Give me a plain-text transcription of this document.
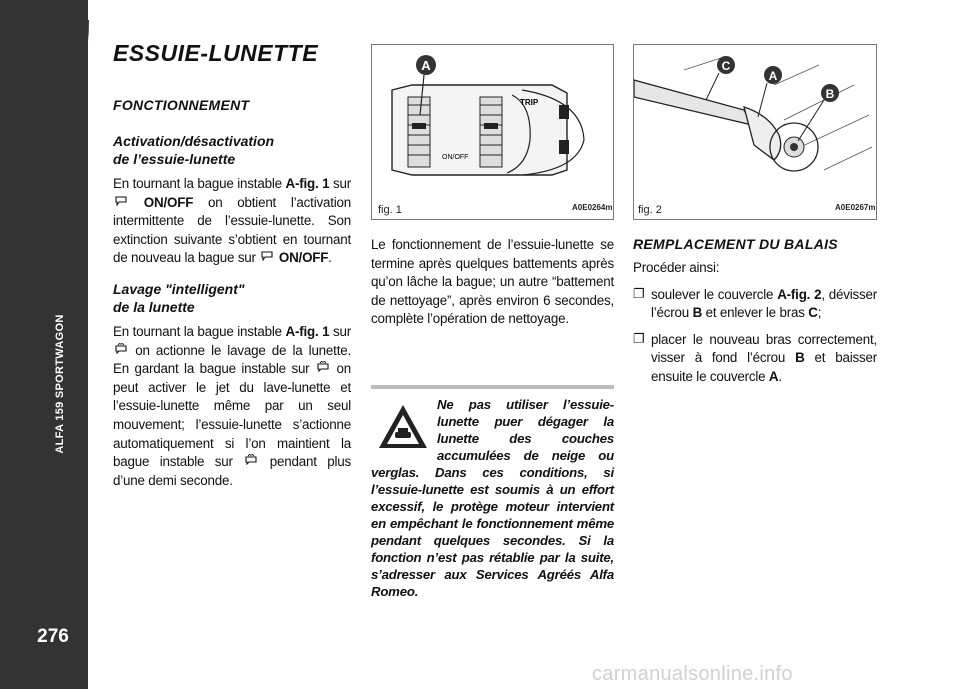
ALFA 159 SPORTWAGON
276
ESSUIE-LUNETTE
FONCTIONNEMENT
Activation/désactivation
de l’essuie-lunette

En tournant la bague instable A-fig. 1 sur  ON/OFF on obtient l’activation intermittente de l’essuie-lunette. Son extinction suivante s’obtient en tournant de nouveau la bague sur  ON/OFF.

Lavage "intelligent"
de la lunette

En tournant la bague instable A-fig. 1 sur  on actionne le lavage de la lunette. En gardant la bague instable sur  on peut activer le jet du lave-lunette et l’essuie-lunette même par un seul mouvement; l’essuie-lunette s’actionne automatiquement si l’on maintient la bague instable sur  pendant plus d’une demi seconde.

TRIP
ON/OFF
A
fig. 1	A0E0264m
C
A
B
fig. 2	A0E0267m

Le fonctionnement de l’essuie-lunette se termine après quelques battements après qu’on lâche la bague; un autre “battement de nettoyage”, après environ 6 secondes, complète l’opération de nettoyage.

Ne pas utiliser l’essuie-lunette puer dégager la lunette des couches accumulées de neige ou verglas. Dans ces conditions, si l’essuie-lunette est soumis à un effort excessif, le protège moteur intervient en empêchant le fonctionnement même pendant quelques secondes. Si la fonction n’est pas rétablie par la suite, s’adresser aux Services Agréés Alfa Romeo.
REMPLACEMENT DU BALAIS

Procéder ainsi:

❐ soulever le couvercle A-fig. 2, dévisser l’écrou B et enlever le bras C;
❐ placer le nouveau bras correctement, visser à fond l’écrou B et baisser ensuite le couvercle A.
carmanualsonline.info
